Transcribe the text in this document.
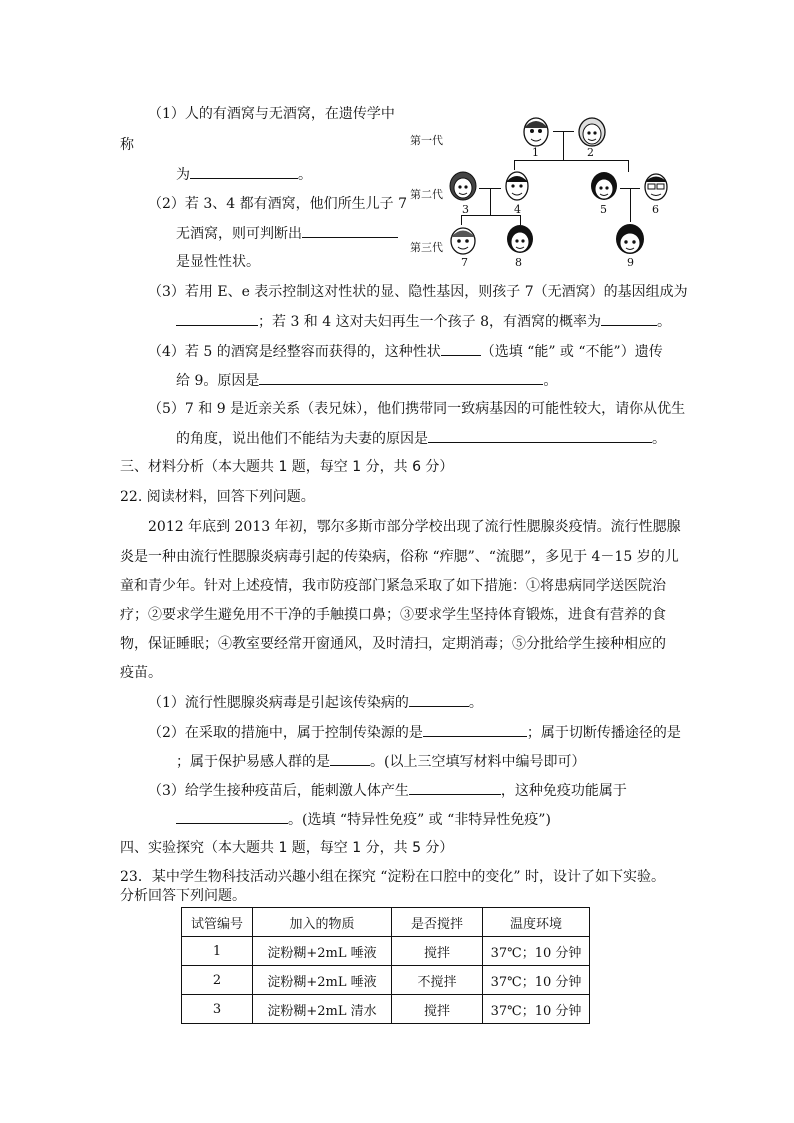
（1）人的有酒窝与无酒窝，在遗传学中
称
为	。
（2）若 3、4 都有酒窝，他们所生儿子 7
无酒窝，则可判断出
是显性性状。
（3）若用 E、e 表示控制这对性状的显、隐性基因，则孩子 7（无酒窝）的基因组成为
；若 3 和 4 这对夫妇再生一个孩子 8，有酒窝的概率为	。
（4）若 5 的酒窝是经整容而获得的，这种性状	（选填 “能” 或 “不能”）遗传
给 9。原因是	。
（5）7 和 9 是近亲关系（表兄妹），他们携带同一致病基因的可能性较大，请你从优生
的角度，说出他们不能结为夫妻的原因是	。
第一代
第二代
第三代
1	2
3	4	5	6
7	8	9
三、材料分析（本大题共 1 题，每空 1 分，共 6 分）
22. 阅读材料，回答下列问题。
2012 年底到 2013 年初，鄂尔多斯市部分学校出现了流行性腮腺炎疫情。流行性腮腺
炎是一种由流行性腮腺炎病毒引起的传染病，俗称 “痄腮”、“流腮”，多见于 4－15 岁的儿
童和青少年。针对上述疫情，我市防疫部门紧急采取了如下措施：①将患病同学送医院治
疗；②要求学生避免用不干净的手触摸口鼻；③要求学生坚持体育锻炼，进食有营养的食
物，保证睡眠；④教室要经常开窗通风，及时清扫，定期消毒；⑤分批给学生接种相应的
疫苗。
（1）流行性腮腺炎病毒是引起该传染病的	。
（2）在采取的措施中，属于控制传染源的是	；属于切断传播途径的是
；属于保护易感人群的是	。(以上三空填写材料中编号即可）
（3）给学生接种疫苗后，能刺激人体产生	，这种免疫功能属于
。(选填 “特异性免疫” 或 “非特异性免疫”)
四、实验探究（本大题共 1 题，每空 1 分，共 5 分）
23．某中学生物科技活动兴趣小组在探究 “淀粉在口腔中的变化” 时，设计了如下实验。
分析回答下列问题。
试管编号	加入的物质	是否搅拌	温度环境
1	淀粉糊+2mL 唾液	搅拌	37℃；10 分钟
2	淀粉糊+2mL 唾液	不搅拌	37℃；10 分钟
3	淀粉糊+2mL 清水	搅拌	37℃；10 分钟
